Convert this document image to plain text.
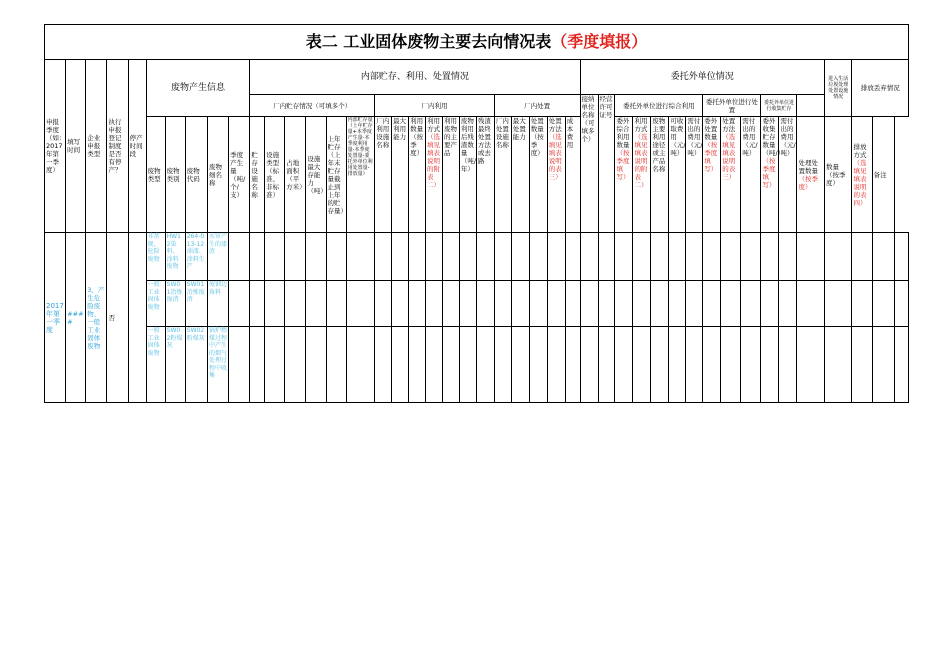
表二 工业固体废物主要去向情况表（季度填报）																																												
申报季度（如：2017年第一季度）	填写时间	企业申报类型	执行申报登记制度是否有停产？	停产时间段	废物产生信息					内部贮存、利用、处置情况																		委托外单位情况													进入生活垃圾处理处置设施情况	排放丢弃情况		
										厂内贮存情况（可填多个）						厂内利用							厂内处置					接纳单位名称（可填多个）	经营许可证号	委托外单位进行综合利用					委托外单位进行处置			委托外单位进行收集贮存						
					废物类型	废物类别	废物代码	废物细名称	季度产生量（吨/个/支）	贮存设施名称	设施类型（标准、非标准）	占地面积（平方米）	设施最大存能力（吨）	上年贮存（上年末贮存量截止到上年的贮存量）	内部贮存量（上年贮存量+本季度产生量-本季度利用量-本季度处置量-委托外单位利用处置量-排放量）	厂内利用设施名称	最大利用能力	利用数量（按季度）	利用方式（选填见填表说明的附表二）	利用废物的主要产品	废物利用后残渣数量（吨/年）	残渣最终处置方法或去路	厂内处置设施名称	最大处置能力	处置数量（按季度）	处置方法（选填见填表说明的表三）	成本费用			委外综合利用数量（按季度填写）	利用方式（选填见填表说明的附表二）	废物主要利用途径或主产品名称	可收取费用（元/吨）	需付出的费用（元/吨）	委外处置数量（按季度填写）	处置方法（选填见填表说明的表三）	需付出的费用（元/吨）	委外收集贮存数量（吨/）（按季度填写）	需付出的费用（元/吨）	处理处置数量（按季度）	数量（按季度）	排放方式（选填见填表说明的表四）	备注	
2017年第一季度	####	3、产生危险废物、一般工业固体废物	否		非常规、危险废物	HW12染料、涂料废物	264-013-12油漆、涂料生产	水帘产生的漆渣																																				
					一般工业固体废物	SW01冶炼废渣	SW01冶炼废渣	废钢边角料																																				
					一般工业固体废物	SW02粉煤灰	SW02粉煤灰	锅炉燃煤过程中产生的烟气处理过程中收集																																				
